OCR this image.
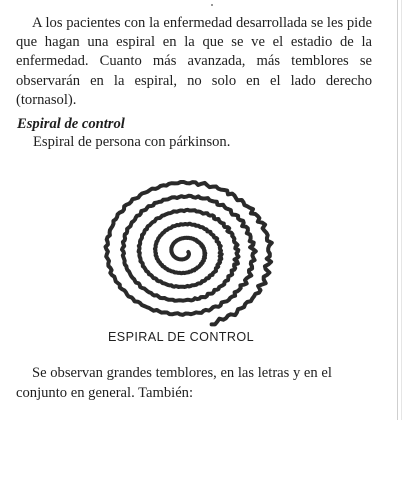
A los pacientes con la enfermedad desarrollada se les pide que hagan una espiral en la que se ve el estadio de la enfermedad. Cuanto más avanzada, más temblores se observarán en la espiral, no solo en el lado derecho (tornasol).

Espiral de control

Espiral de persona con párkinson.

ESPIRAL DE CONTROL

Se observan grandes temblores, en las letras y en el conjunto en general. También:
